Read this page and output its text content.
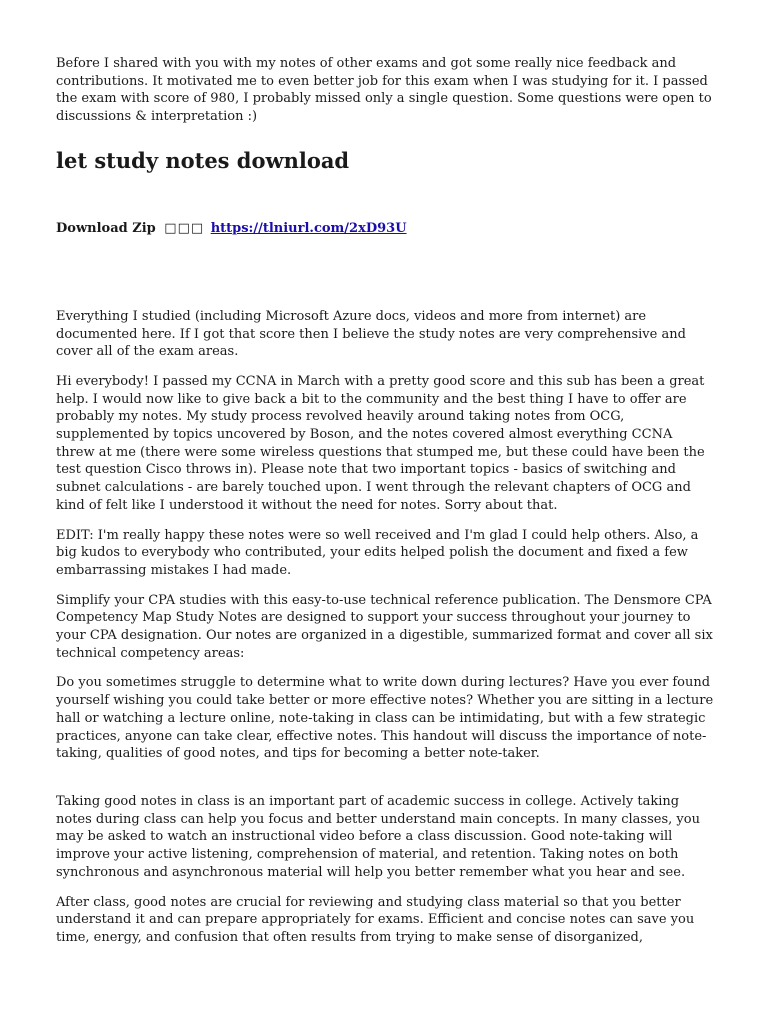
Before I shared with you with my notes of other exams and got some really nice feedback and contributions. It motivated me to even better job for this exam when I was studying for it. I passed the exam with score of 980, I probably missed only a single question. Some questions were open to discussions & interpretation :)

let study notes download
Download Zip □□□ https://tlniurl.com/2xD93U

Everything I studied (including Microsoft Azure docs, videos and more from internet) are documented here. If I got that score then I believe the study notes are very comprehensive and cover all of the exam areas.

Hi everybody! I passed my CCNA in March with a pretty good score and this sub has been a great help. I would now like to give back a bit to the community and the best thing I have to offer are probably my notes. My study process revolved heavily around taking notes from OCG, supplemented by topics uncovered by Boson, and the notes covered almost everything CCNA threw at me (there were some wireless questions that stumped me, but these could have been the test question Cisco throws in). Please note that two important topics - basics of switching and subnet calculations - are barely touched upon. I went through the relevant chapters of OCG and kind of felt like I understood it without the need for notes. Sorry about that.

EDIT: I'm really happy these notes were so well received and I'm glad I could help others. Also, a big kudos to everybody who contributed, your edits helped polish the document and fixed a few embarrassing mistakes I had made.

Simplify your CPA studies with this easy-to-use technical reference publication. The Densmore CPA Competency Map Study Notes are designed to support your success throughout your journey to your CPA designation. Our notes are organized in a digestible, summarized format and cover all six technical competency areas:

Do you sometimes struggle to determine what to write down during lectures? Have you ever found yourself wishing you could take better or more effective notes? Whether you are sitting in a lecture hall or watching a lecture online, note-taking in class can be intimidating, but with a few strategic practices, anyone can take clear, effective notes. This handout will discuss the importance of note-taking, qualities of good notes, and tips for becoming a better note-taker.

Taking good notes in class is an important part of academic success in college. Actively taking notes during class can help you focus and better understand main concepts. In many classes, you may be asked to watch an instructional video before a class discussion. Good note-taking will improve your active listening, comprehension of material, and retention. Taking notes on both synchronous and asynchronous material will help you better remember what you hear and see.

After class, good notes are crucial for reviewing and studying class material so that you better understand it and can prepare appropriately for exams. Efficient and concise notes can save you time, energy, and confusion that often results from trying to make sense of disorganized,
